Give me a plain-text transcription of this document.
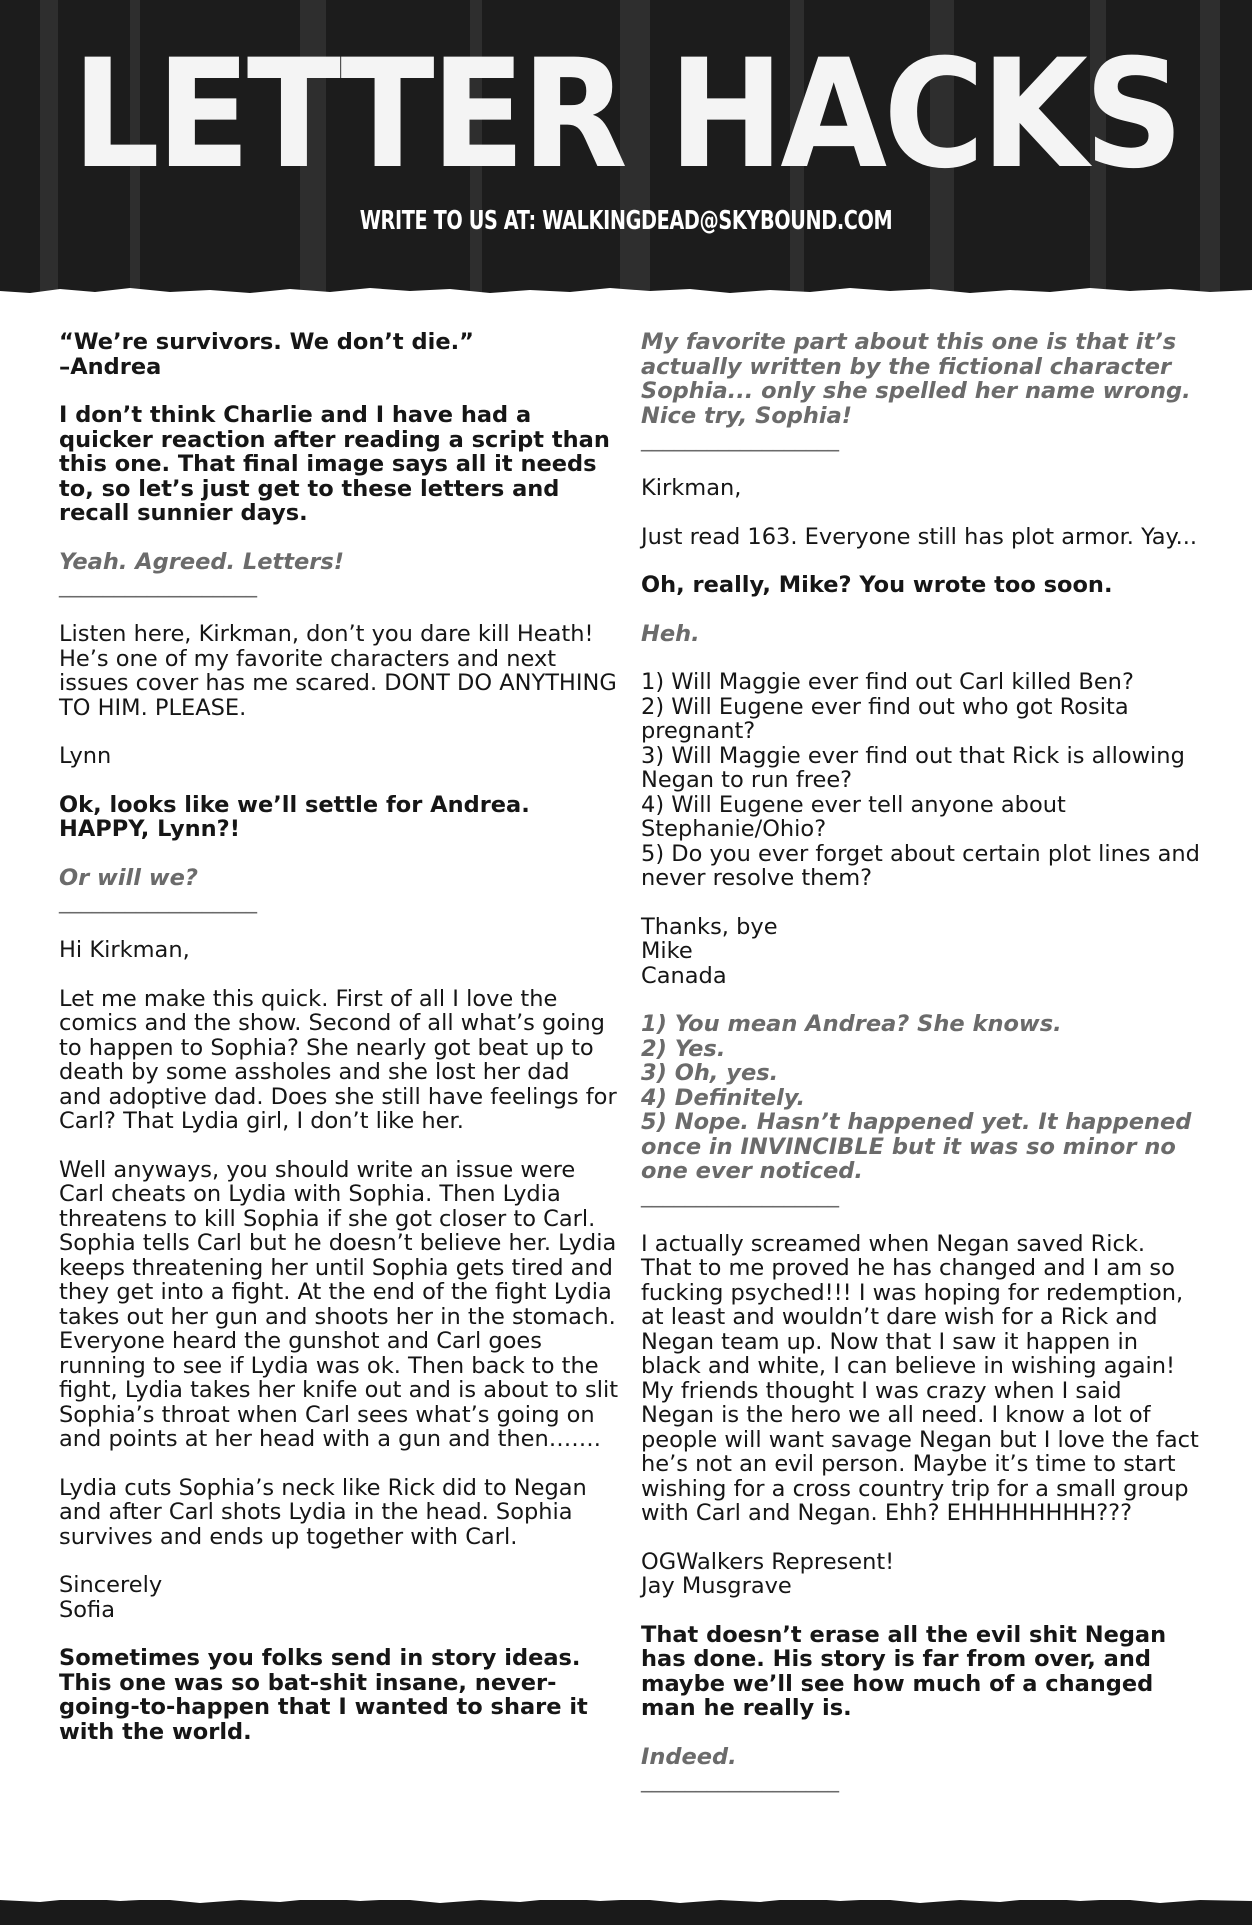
LETTER HACKS
WRITE TO US AT: WALKINGDEAD@SKYBOUND.COM
“We’re survivors. We don’t die.”
–Andrea
I don’t think Charlie and I have had a quicker reaction after reading a script than this one. That final image says all it needs to, so let’s just get to these letters and recall sunnier days.
Yeah. Agreed. Letters!
__________________
Listen here, Kirkman, don’t you dare kill Heath! He’s one of my favorite characters and next issues cover has me scared. DONT DO ANYTHING TO HIM. PLEASE.
Lynn
Ok, looks like we’ll settle for Andrea. HAPPY, Lynn?!
Or will we?
__________________
Hi Kirkman,
Let me make this quick. First of all I love the comics and the show. Second of all what’s going to happen to Sophia? She nearly got beat up to death by some assholes and she lost her dad and adoptive dad. Does she still have feelings for Carl? That Lydia girl, I don’t like her.
Well anyways, you should write an issue were Carl cheats on Lydia with Sophia. Then Lydia threatens to kill Sophia if she got closer to Carl. Sophia tells Carl but he doesn’t believe her. Lydia keeps threatening her until Sophia gets tired and they get into a fight. At the end of the fight Lydia takes out her gun and shoots her in the stomach. Everyone heard the gunshot and Carl goes running to see if Lydia was ok. Then back to the fight, Lydia takes her knife out and is about to slit Sophia’s throat when Carl sees what’s going on and points at her head with a gun and then…….
Lydia cuts Sophia’s neck like Rick did to Negan and after Carl shots Lydia in the head. Sophia survives and ends up together with Carl.
Sincerely
Sofia
Sometimes you folks send in story ideas. This one was so bat-shit insane, never-going-to-happen that I wanted to share it with the world.
My favorite part about this one is that it’s actually written by the fictional character Sophia... only she spelled her name wrong. Nice try, Sophia!
__________________
Kirkman,
Just read 163. Everyone still has plot armor. Yay...
Oh, really, Mike? You wrote too soon.
Heh.
1) Will Maggie ever find out Carl killed Ben?
2) Will Eugene ever find out who got Rosita pregnant?
3) Will Maggie ever find out that Rick is allowing Negan to run free?
4) Will Eugene ever tell anyone about Stephanie/Ohio?
5) Do you ever forget about certain plot lines and never resolve them?
Thanks, bye
Mike
Canada
1) You mean Andrea? She knows.
2) Yes.
3) Oh, yes.
4) Definitely.
5) Nope. Hasn’t happened yet. It happened once in INVINCIBLE but it was so minor no one ever noticed.
__________________
I actually screamed when Negan saved Rick. That to me proved he has changed and I am so fucking psyched!!! I was hoping for redemption, at least and wouldn’t dare wish for a Rick and Negan team up. Now that I saw it happen in black and white, I can believe in wishing again! My friends thought I was crazy when I said Negan is the hero we all need. I know a lot of people will want savage Negan but I love the fact he’s not an evil person. Maybe it’s time to start wishing for a cross country trip for a small group with Carl and Negan. Ehh? EHHHHHHHH???
OGWalkers Represent!
Jay Musgrave
That doesn’t erase all the evil shit Negan has done. His story is far from over, and maybe we’ll see how much of a changed man he really is.
Indeed.
__________________
